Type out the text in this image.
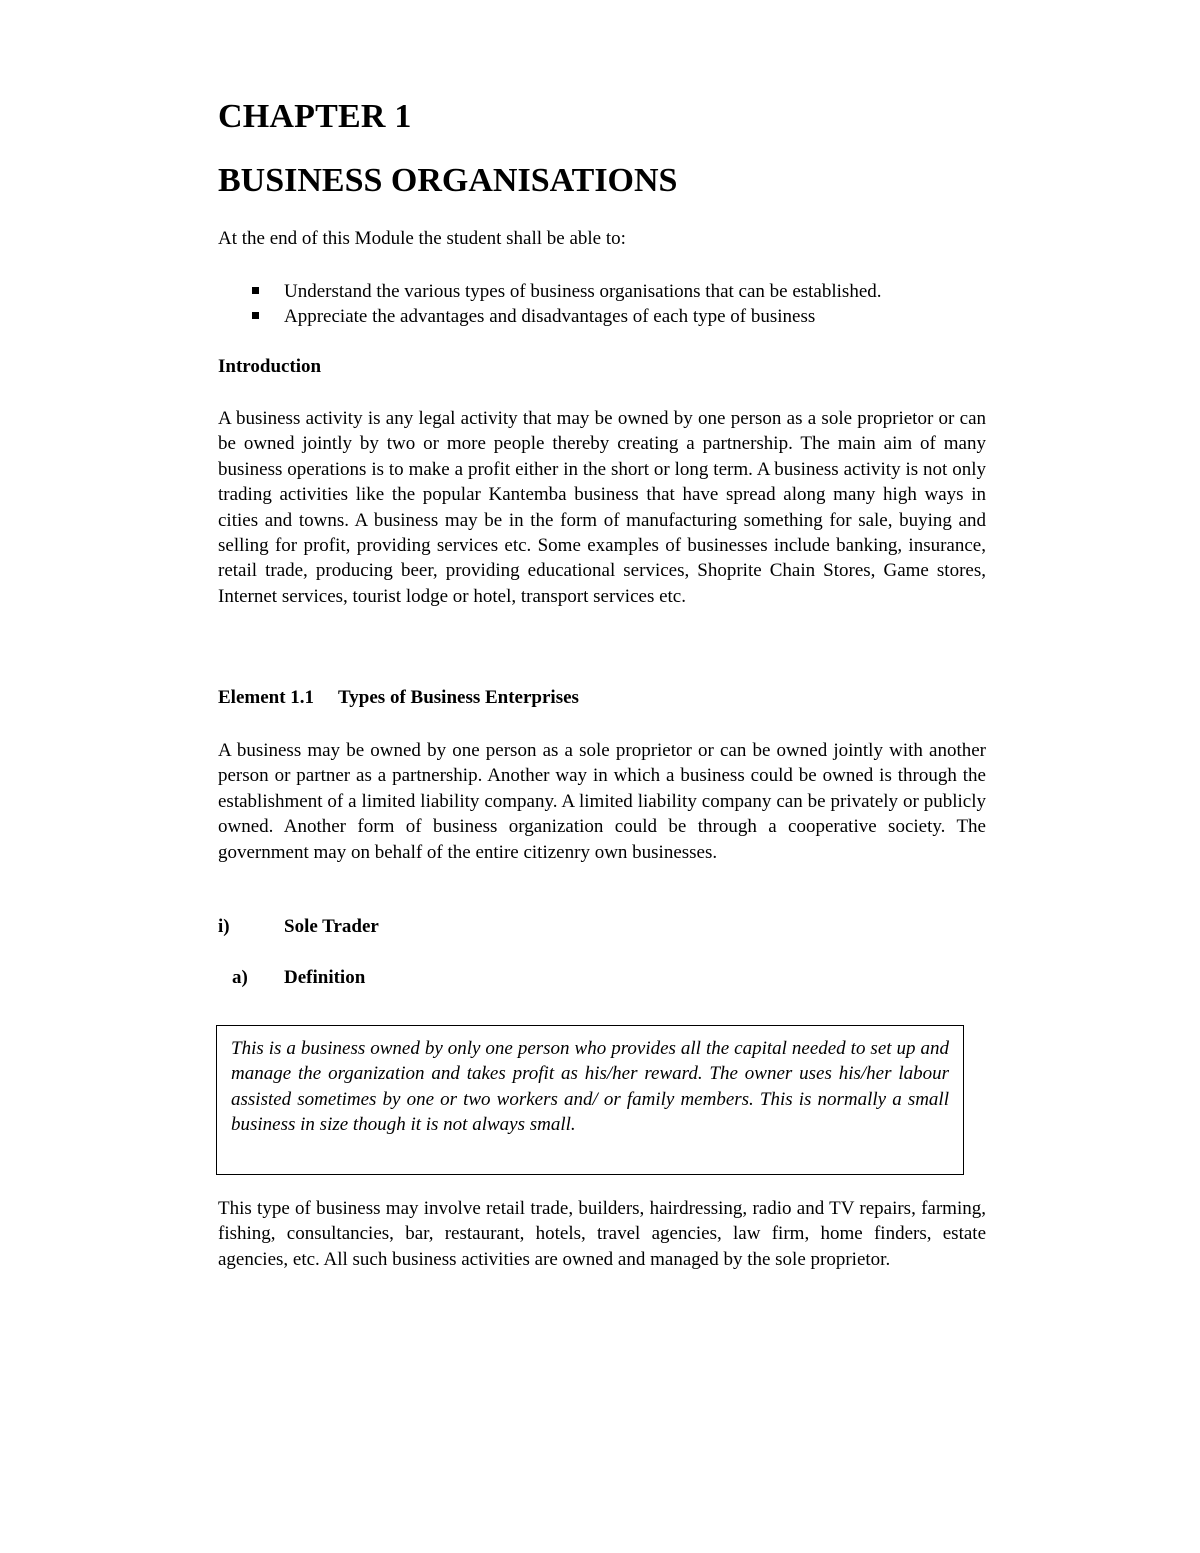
CHAPTER 1
BUSINESS ORGANISATIONS
At the end of this Module the student shall be able to:
Understand the various types of business organisations that can be established.
Appreciate the advantages and disadvantages of each type of business
Introduction

A business activity is any legal activity that may be owned by one person as a sole proprietor or can be owned jointly by two or more people thereby creating a partnership. The main aim of many business operations is to make a profit either in the short or long term. A business activity is not only trading activities like the popular Kantemba business that have spread along many high ways in cities and towns. A business may be in the form of manufacturing something for sale, buying and selling for profit, providing services etc. Some examples of businesses include banking, insurance, retail trade, producing beer, providing educational services, Shoprite Chain Stores, Game stores, Internet services, tourist lodge or hotel, transport services etc.

Element 1.1 Types of Business Enterprises

A business may be owned by one person as a sole proprietor or can be owned jointly with another person or partner as a partnership. Another way in which a business could be owned is through the establishment of a limited liability company. A limited liability company can be privately or publicly owned. Another form of business organization could be through a cooperative society. The government may on behalf of the entire citizenry own businesses.

i)	Sole Trader
a) Definition

This is a business owned by only one person who provides all the capital needed to set up and manage the organization and takes profit as his/her reward. The owner uses his/her labour assisted sometimes by one or two workers and/ or family members. This is normally a small business in size though it is not always small.

This type of business may involve retail trade, builders, hairdressing, radio and TV repairs, farming, fishing, consultancies, bar, restaurant, hotels, travel agencies, law firm, home finders, estate agencies, etc. All such business activities are owned and managed by the sole proprietor.
